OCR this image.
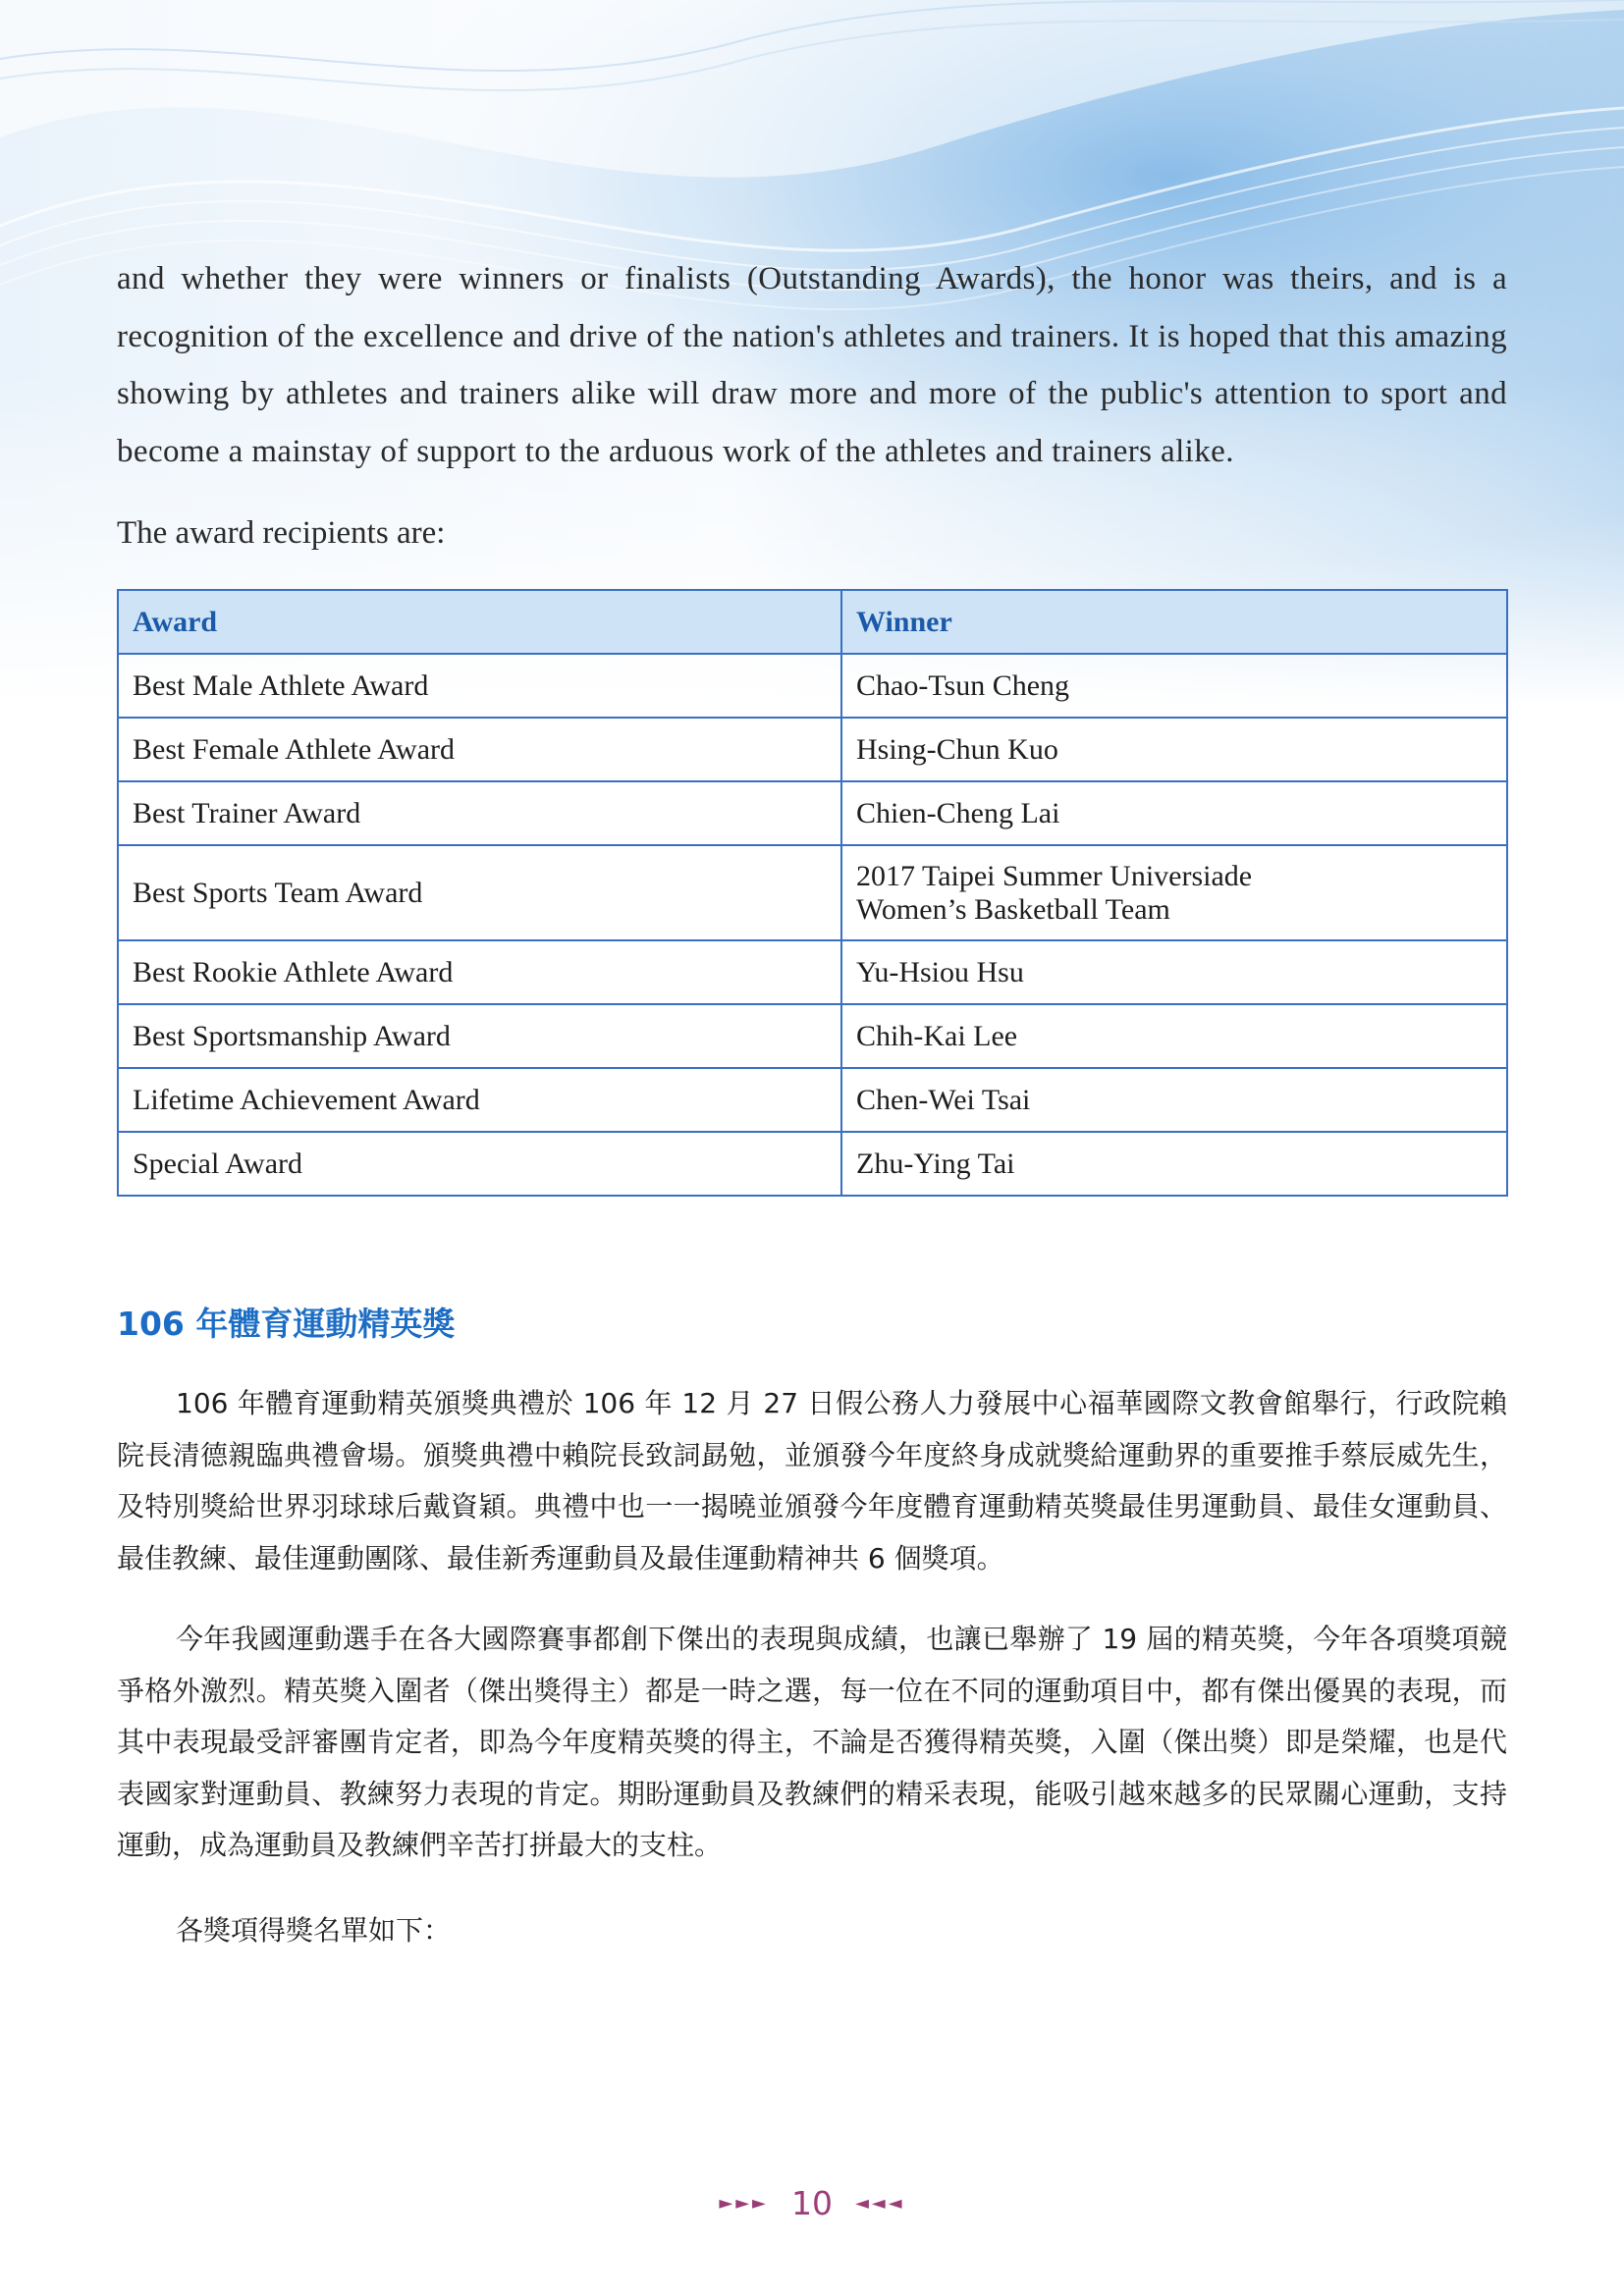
and whether they were winners or finalists (Outstanding Awards), the honor was theirs, and is a recognition of the excellence and drive of the nation's athletes and trainers. It is hoped that this amazing showing by athletes and trainers alike will draw more and more of the public's attention to sport and become a mainstay of support to the arduous work of the athletes and trainers alike.

The award recipients are:

Award	Winner
Best Male Athlete Award	Chao-Tsun Cheng
Best Female Athlete Award	Hsing-Chun Kuo
Best Trainer Award	Chien-Cheng Lai
Best Sports Team Award	2017 Taipei Summer Universiade
Women’s Basketball Team

Best Rookie Athlete Award	Yu-Hsiou Hsu
Best Sportsmanship Award	Chih-Kai Lee
Lifetime Achievement Award	Chen-Wei Tsai
Special Award	Zhu-Ying Tai
106 年體育運動精英獎

106 年體育運動精英頒獎典禮於 106 年 12 月 27 日假公務人力發展中心福華國際文教會館舉行，行政院賴院長清德親臨典禮會場。頒獎典禮中賴院長致詞勗勉，並頒發今年度終身成就獎給運動界的重要推手蔡辰威先生，及特別獎給世界羽球球后戴資穎。典禮中也一一揭曉並頒發今年度體育運動精英獎最佳男運動員、最佳女運動員、最佳教練、最佳運動團隊、最佳新秀運動員及最佳運動精神共 6 個獎項。

今年我國運動選手在各大國際賽事都創下傑出的表現與成績，也讓已舉辦了 19 屆的精英獎，今年各項獎項競爭格外激烈。精英獎入圍者（傑出獎得主）都是一時之選，每一位在不同的運動項目中，都有傑出優異的表現，而其中表現最受評審團肯定者，即為今年度精英獎的得主，不論是否獲得精英獎，入圍（傑出獎）即是榮耀，也是代表國家對運動員、教練努力表現的肯定。期盼運動員及教練們的精采表現，能吸引越來越多的民眾關心運動，支持運動，成為運動員及教練們辛苦打拼最大的支柱。

各獎項得獎名單如下：

►►► 10 ◄◄◄
